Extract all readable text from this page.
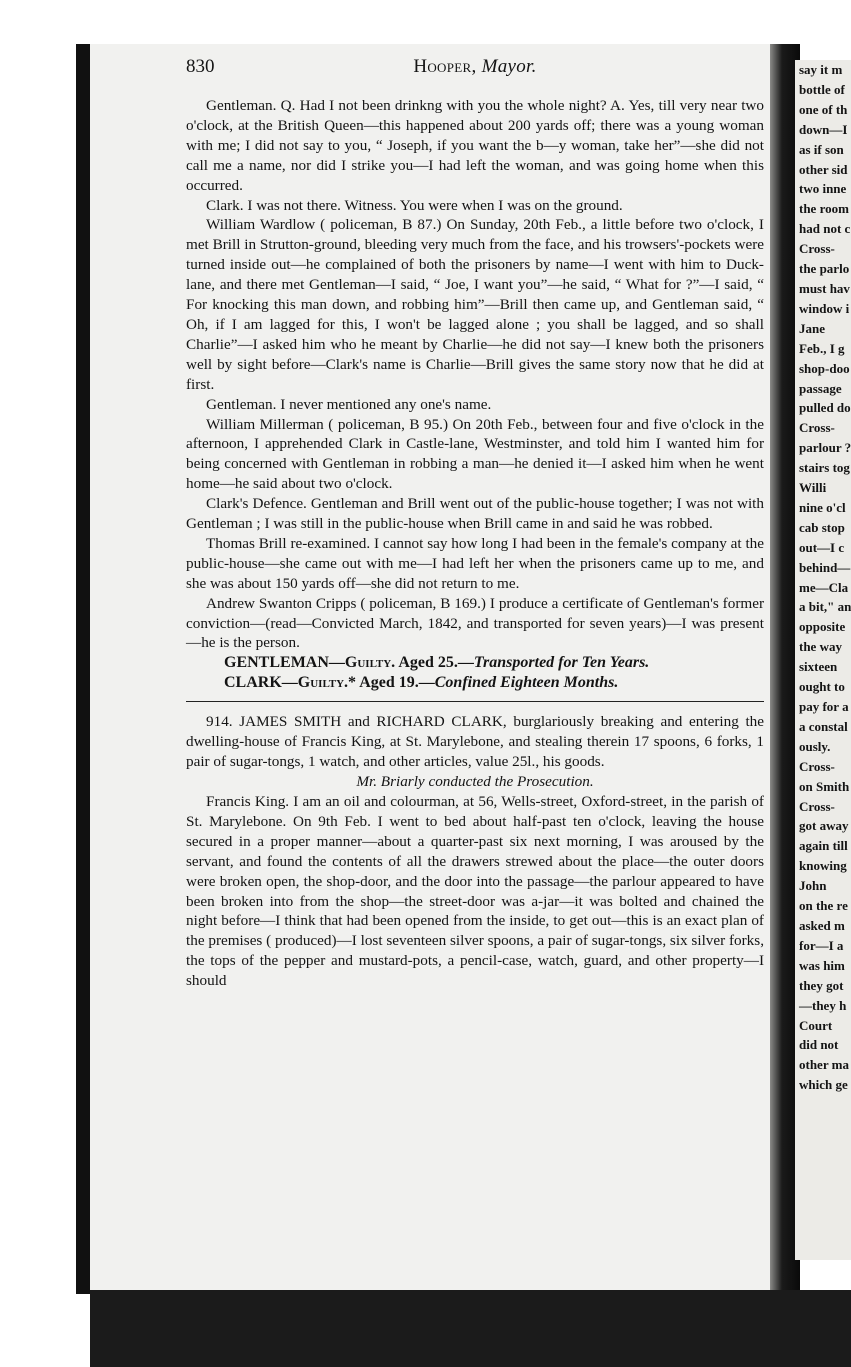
say it m
bottle of
one of th
down—I
as if son
other sid
two inne
the room
had not c
Cross-
the parlo
must hav
window i
Jane
Feb., I g
shop-doo
passage
pulled do
Cross-
parlour ?
stairs tog
Willi
nine o'cl
cab stop
out—I c
behind—
me—Cla
a bit," an
opposite
the way
sixteen
ought to
pay for a
a constal
ously.
Cross-
on Smith
Cross-
got away
again till
knowing
John
on the re
asked m
for—I a
was him
they got
—they h
Court
did not
other ma
which ge
830	Hooper, Mayor.

Gentleman. Q. Had I not been drinkng with you the whole night? A. Yes, till very near two o'clock, at the British Queen—this happened about 200 yards off; there was a young woman with me; I did not say to you, “ Joseph, if you want the b—y woman, take her”—she did not call me a name, nor did I strike you—I had left the woman, and was going home when this occurred.

Clark. I was not there. Witness. You were when I was on the ground.

William Wardlow ( policeman, B 87.) On Sunday, 20th Feb., a little before two o'clock, I met Brill in Strutton-ground, bleeding very much from the face, and his trowsers'-pockets were turned inside out—he complained of both the prisoners by name—I went with him to Duck-lane, and there met Gentleman—I said, “ Joe, I want you”—he said, “ What for ?”—I said, “ For knocking this man down, and robbing him”—Brill then came up, and Gentleman said, “ Oh, if I am lagged for this, I won't be lagged alone ; you shall be lagged, and so shall Charlie”—I asked him who he meant by Charlie—he did not say—I knew both the prisoners well by sight before—Clark's name is Charlie—Brill gives the same story now that he did at first.

Gentleman. I never mentioned any one's name.

William Millerman ( policeman, B 95.) On 20th Feb., between four and five o'clock in the afternoon, I apprehended Clark in Castle-lane, Westminster, and told him I wanted him for being concerned with Gentleman in robbing a man—he denied it—I asked him when he went home—he said about two o'clock.

Clark's Defence. Gentleman and Brill went out of the public-house together; I was not with Gentleman ; I was still in the public-house when Brill came in and said he was robbed.

Thomas Brill re-examined. I cannot say how long I had been in the female's company at the public-house—she came out with me—I had left her when the prisoners came up to me, and she was about 150 yards off—she did not return to me.

Andrew Swanton Cripps ( policeman, B 169.) I produce a certificate of Gentleman's former conviction—(read—Convicted March, 1842, and transported for seven years)—I was present—he is the person.

GENTLEMAN—Guilty. Aged 25.—Transported for Ten Years.
CLARK—Guilty.* Aged 19.—Confined Eighteen Months.

914. JAMES SMITH and RICHARD CLARK, burglariously breaking and entering the dwelling-house of Francis King, at St. Marylebone, and stealing therein 17 spoons, 6 forks, 1 pair of sugar-tongs, 1 watch, and other articles, value 25l., his goods.

Mr. Briarly conducted the Prosecution.

Francis King. I am an oil and colourman, at 56, Wells-street, Oxford-street, in the parish of St. Marylebone. On 9th Feb. I went to bed about half-past ten o'clock, leaving the house secured in a proper manner—about a quarter-past six next morning, I was aroused by the servant, and found the contents of all the drawers strewed about the place—the outer doors were broken open, the shop-door, and the door into the passage—the parlour appeared to have been broken into from the shop—the street-door was a-jar—it was bolted and chained the night before—I think that had been opened from the inside, to get out—this is an exact plan of the premises ( produced)—I lost seventeen silver spoons, a pair of sugar-tongs, six silver forks, the tops of the pepper and mustard-pots, a pencil-case, watch, guard, and other property—I should
